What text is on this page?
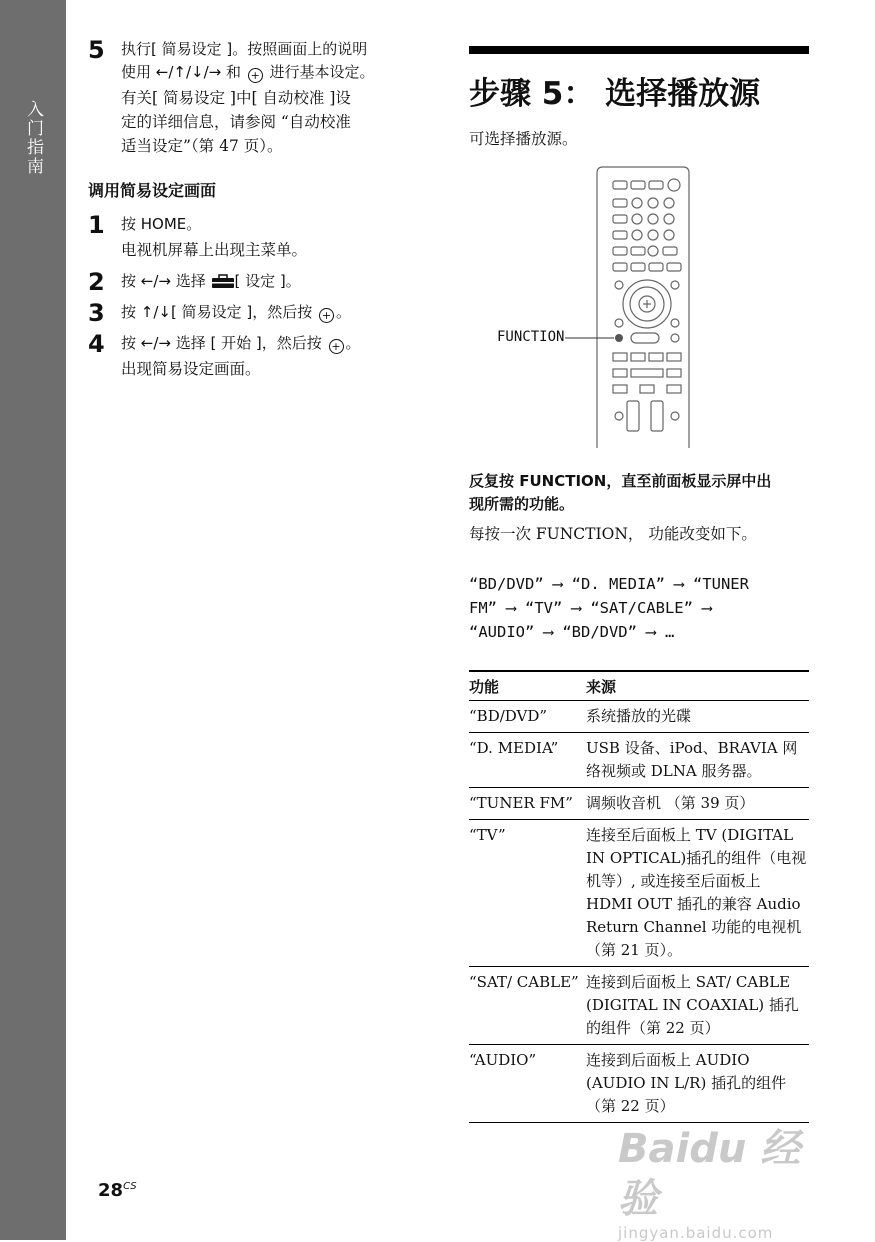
入门指南
5 执行[ 简易设定 ]。按照画面上的说明
使用 ←/↑/↓/→ 和 + 进行基本设定。
有关[ 简易设定 ]中[ 自动校准 ]设
定的详细信息，请参阅 “自动校准
适当设定”（第 47 页）。
调用简易设定画面
1 按 HOME。
电视机屏幕上出现主菜单。
2 按 ←/→ 选择 [ 设定 ]。
3 按 ↑/↓[ 简易设定 ]，然后按 + 。
4 按 ←/→ 选择 [ 开始 ]，然后按 + 。
出现简易设定画面。
步骤 5： 选择播放源
可选择播放源。
FUNCTION
反复按 FUNCTION，直至前面板显示屏中出
现所需的功能。
每按一次 FUNCTION， 功能改变如下。
“BD/DVD” ⟶ “D. MEDIA” ⟶ “TUNER
FM” ⟶ “TV” ⟶ “SAT/CABLE” ⟶
“AUDIO” ⟶ “BD/DVD” ⟶ …
功能	来源
“BD/DVD”	系统播放的光碟
“D. MEDIA”	USB 设备、iPod、BRAVIA 网络视频或 DLNA 服务器。
“TUNER FM”	调频收音机 （第 39 页）
“TV”	连接至后面板上 TV (DIGITAL IN OPTICAL)插孔的组件（电视机等）, 或连接至后面板上 HDMI OUT 插孔的兼容 Audio Return Channel 功能的电视机（第 21 页）。
“SAT/ CABLE”	连接到后面板上 SAT/ CABLE (DIGITAL IN COAXIAL) 插孔的组件（第 22 页）
“AUDIO”	连接到后面板上 AUDIO (AUDIO IN L/R) 插孔的组件 （第 22 页）
$28^{CS}$
Baidu 经验
jingyan.baidu.com
